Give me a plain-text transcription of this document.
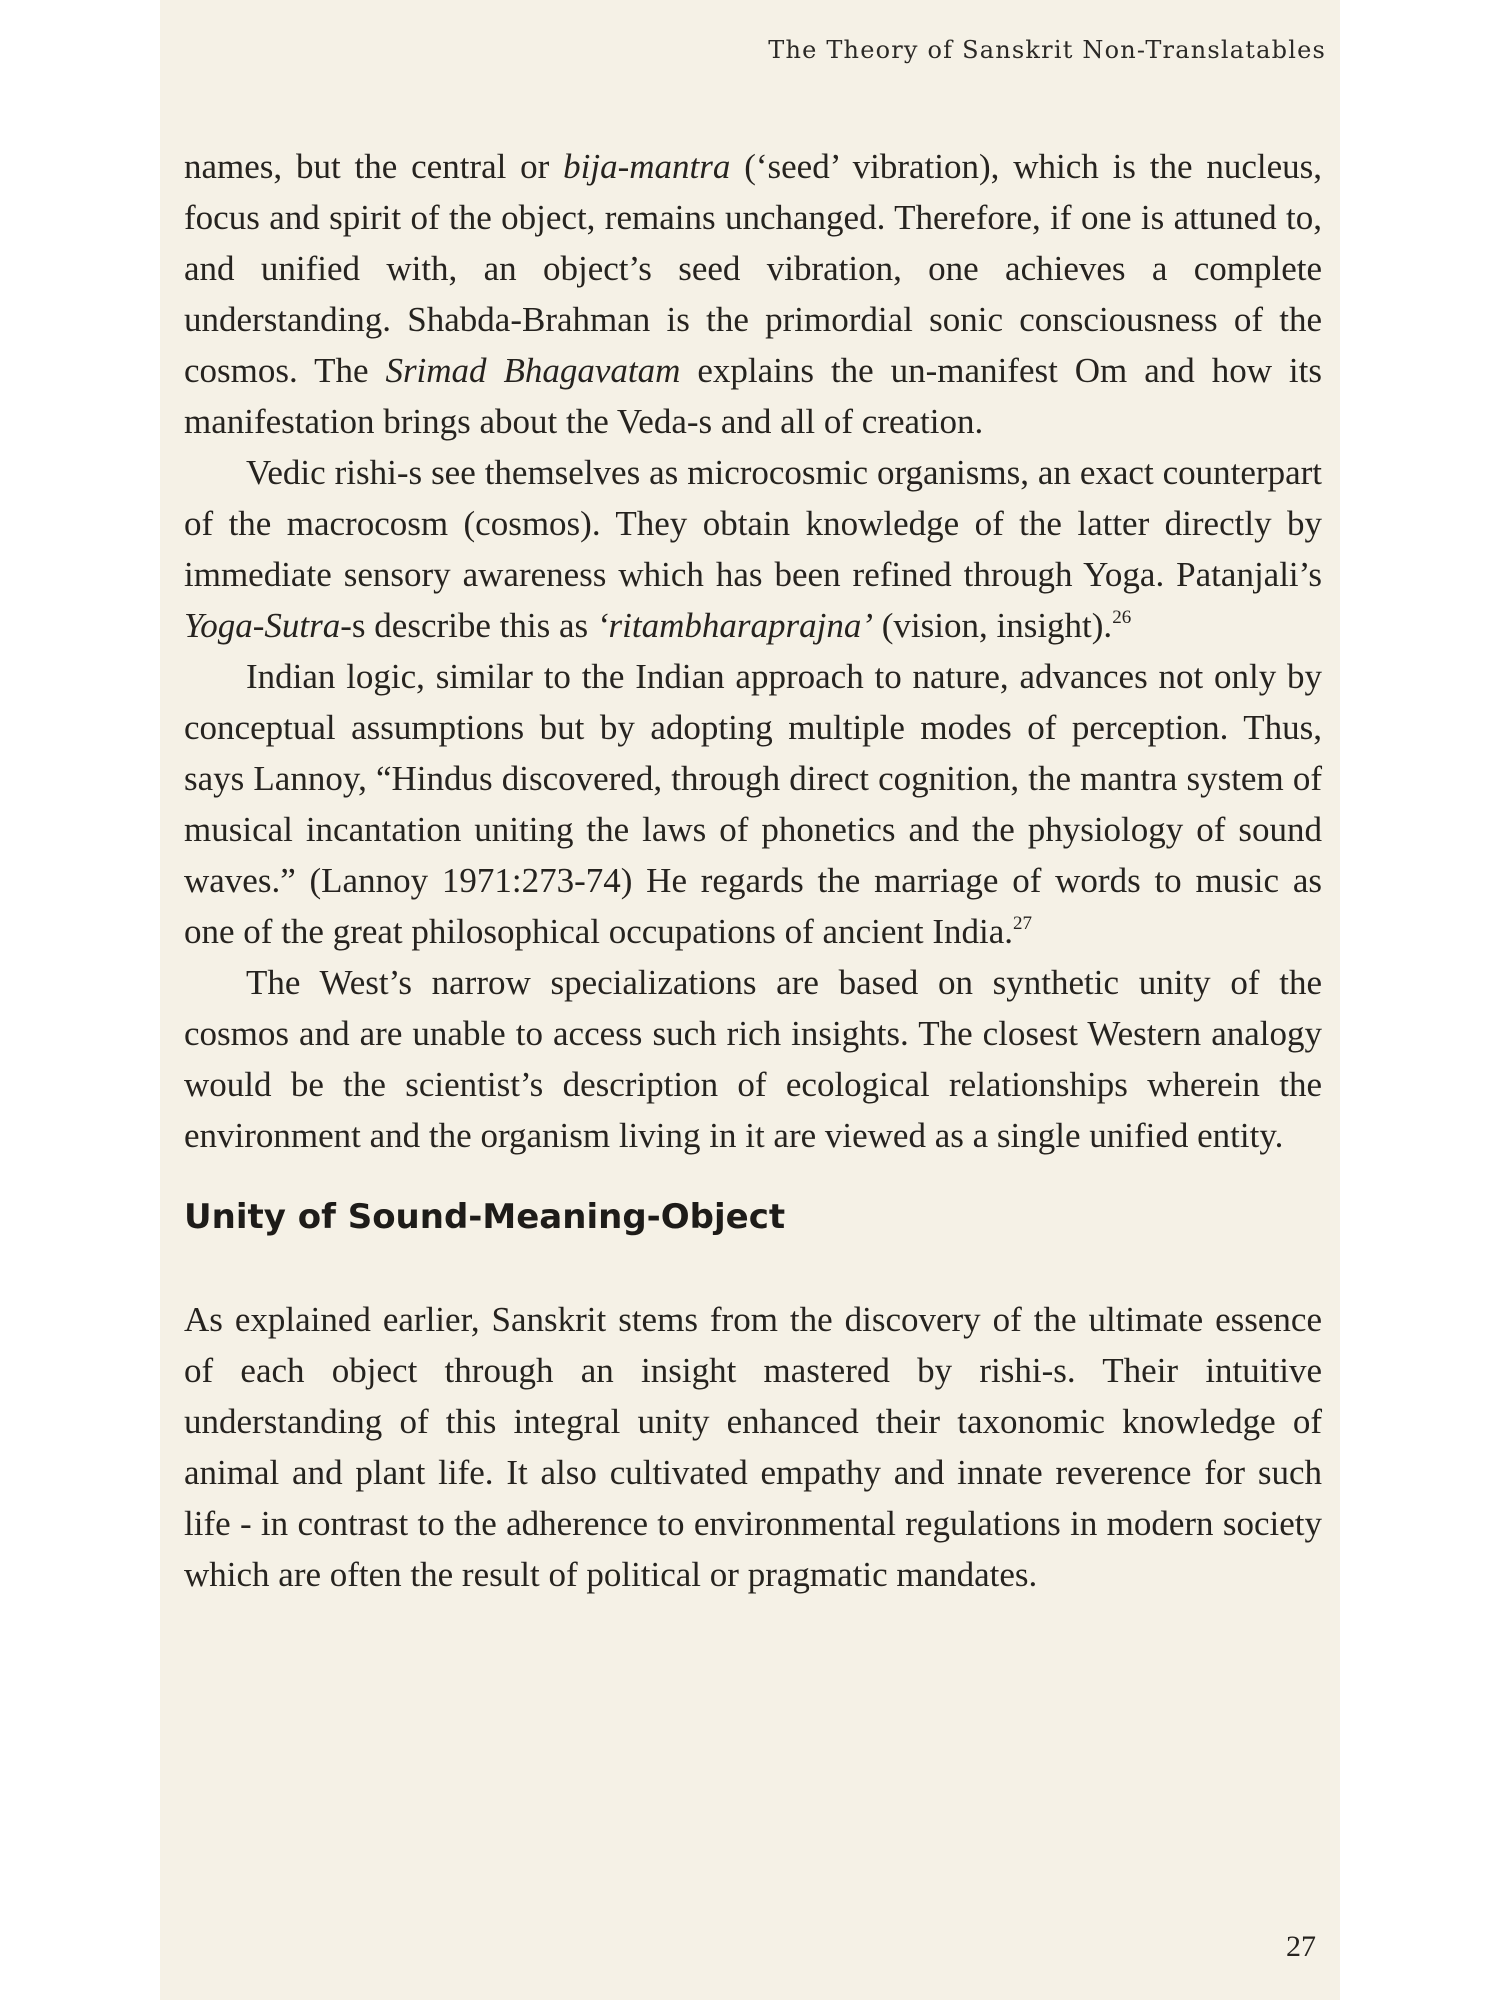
The Theory of Sanskrit Non-Translatables

names, but the central or bija-mantra (‘seed’ vibration), which is the nucleus, focus and spirit of the object, remains unchanged. Therefore, if one is attuned to, and unified with, an object’s seed vibration, one achieves a complete understanding. Shabda-Brahman is the primordial sonic consciousness of the cosmos. The Srimad Bhagavatam explains the un-manifest Om and how its manifestation brings about the Veda-s and all of creation.

Vedic rishi-s see themselves as microcosmic organisms, an exact counterpart of the macrocosm (cosmos). They obtain knowledge of the latter directly by immediate sensory awareness which has been refined through Yoga. Patanjali’s Yoga-Sutra-s describe this as ‘ritambharaprajna’ (vision, insight).$^{26}$

Indian logic, similar to the Indian approach to nature, advances not only by conceptual assumptions but by adopting multiple modes of perception. Thus, says Lannoy, “Hindus discovered, through direct cognition, the mantra system of musical incantation uniting the laws of phonetics and the physiology of sound waves.” (Lannoy 1971:273-74) He regards the marriage of words to music as one of the great philosophical occupations of ancient India.$^{27}$

The West’s narrow specializations are based on synthetic unity of the cosmos and are unable to access such rich insights. The closest Western analogy would be the scientist’s description of ecological relationships wherein the environment and the organism living in it are viewed as a single unified entity.

Unity of Sound-Meaning-Object

As explained earlier, Sanskrit stems from the discovery of the ultimate essence of each object through an insight mastered by rishi-s. Their intuitive understanding of this integral unity enhanced their taxonomic knowledge of animal and plant life. It also cultivated empathy and innate reverence for such life - in contrast to the adherence to environmental regulations in modern society which are often the result of political or pragmatic mandates.

27
